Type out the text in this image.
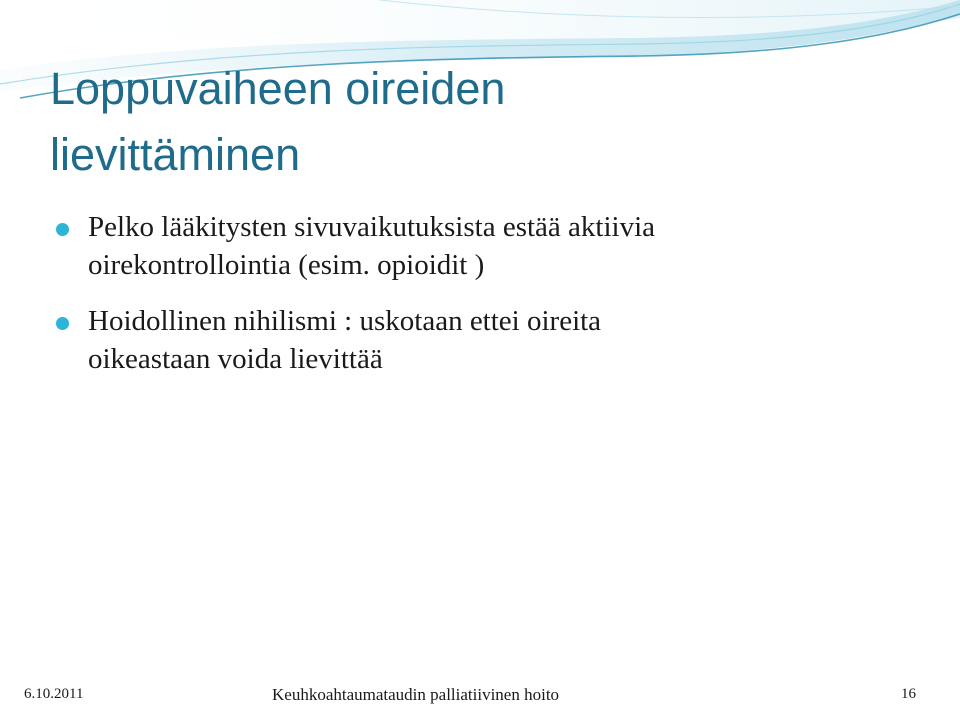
Loppuvaiheen oireiden
lievittäminen
Pelko lääkitysten sivuvaikutuksista estää aktiivia
oirekontrollointia (esim. opioidit )
Hoidollinen nihilismi : uskotaan ettei oireita
oikeastaan voida lievittää
6.10.2011	Keuhkoahtaumataudin palliatiivinen hoito	16
